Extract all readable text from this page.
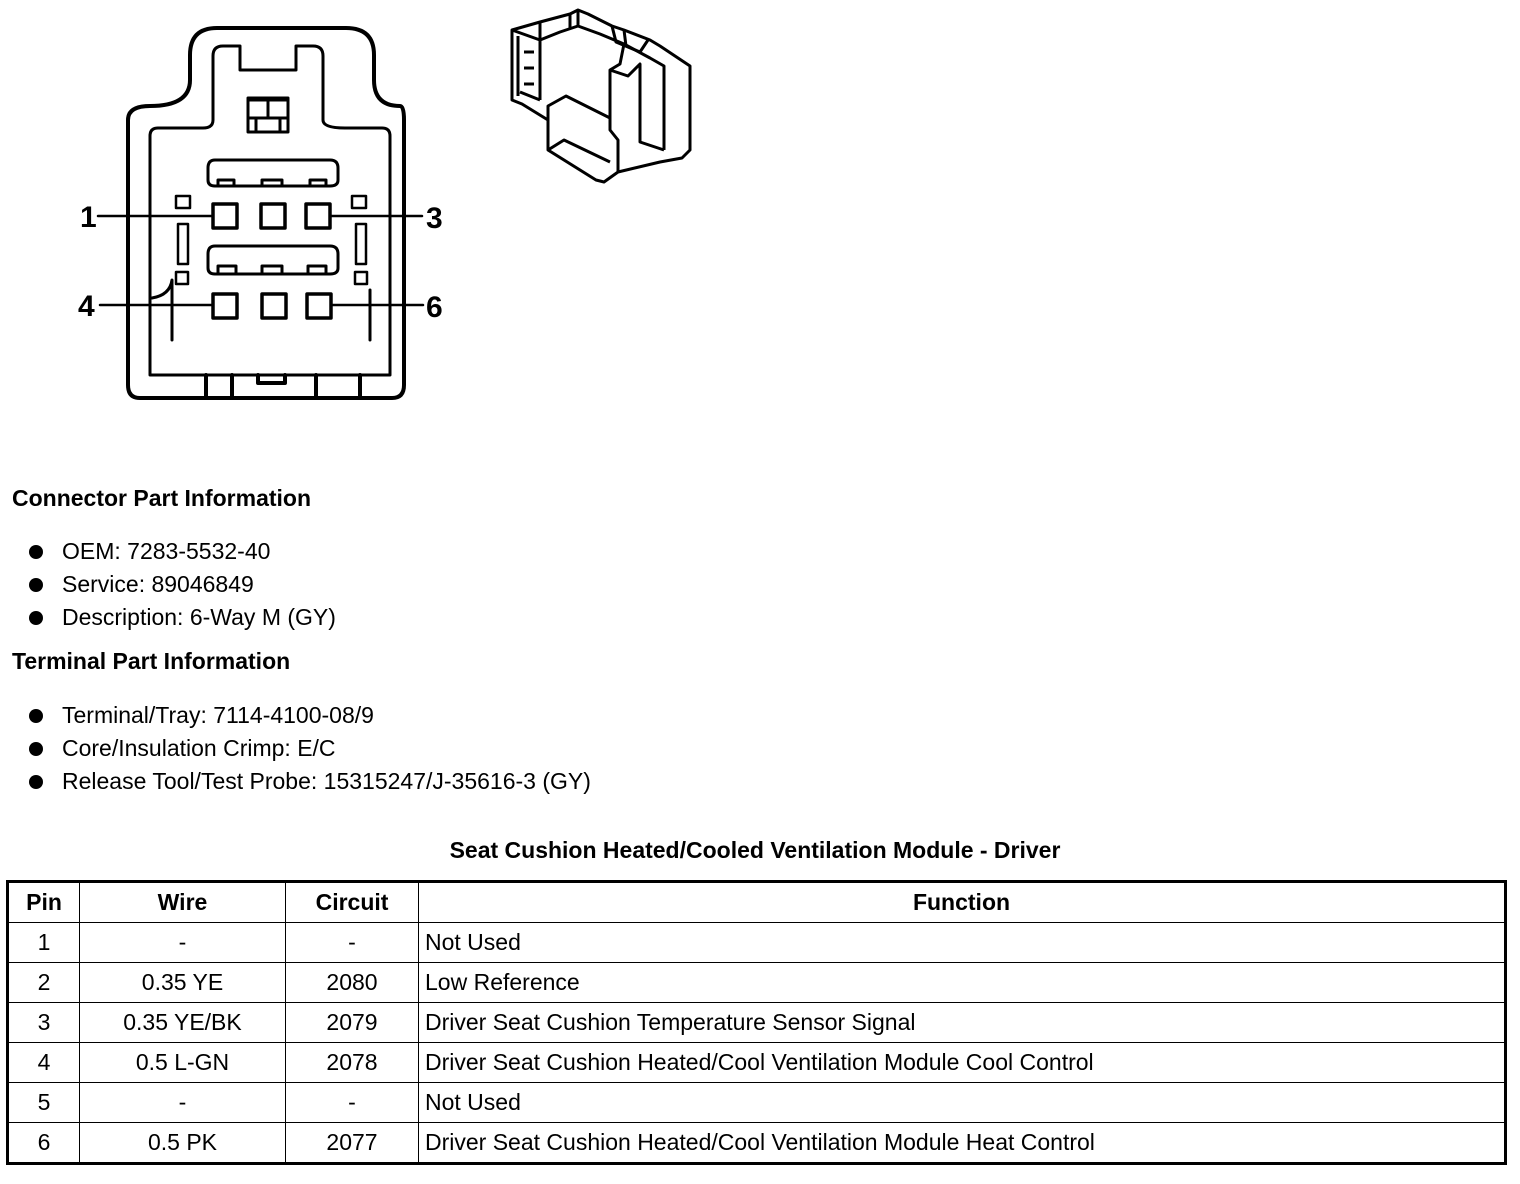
1	3
4	6
Connector Part Information
OEM: 7283-5532-40
Service: 89046849
Description: 6-Way M (GY)
Terminal Part Information
Terminal/Tray: 7114-4100-08/9
Core/Insulation Crimp: E/C
Release Tool/Test Probe: 15315247/J-35616-3 (GY)
Seat Cushion Heated/Cooled Ventilation Module - Driver
Pin	Wire	Circuit	Function
1	-	-	Not Used
2	0.35 YE	2080	Low Reference
3	0.35 YE/BK	2079	Driver Seat Cushion Temperature Sensor Signal
4	0.5 L-GN	2078	Driver Seat Cushion Heated/Cool Ventilation Module Cool Control
5	-	-	Not Used
6	0.5 PK	2077	Driver Seat Cushion Heated/Cool Ventilation Module Heat Control
